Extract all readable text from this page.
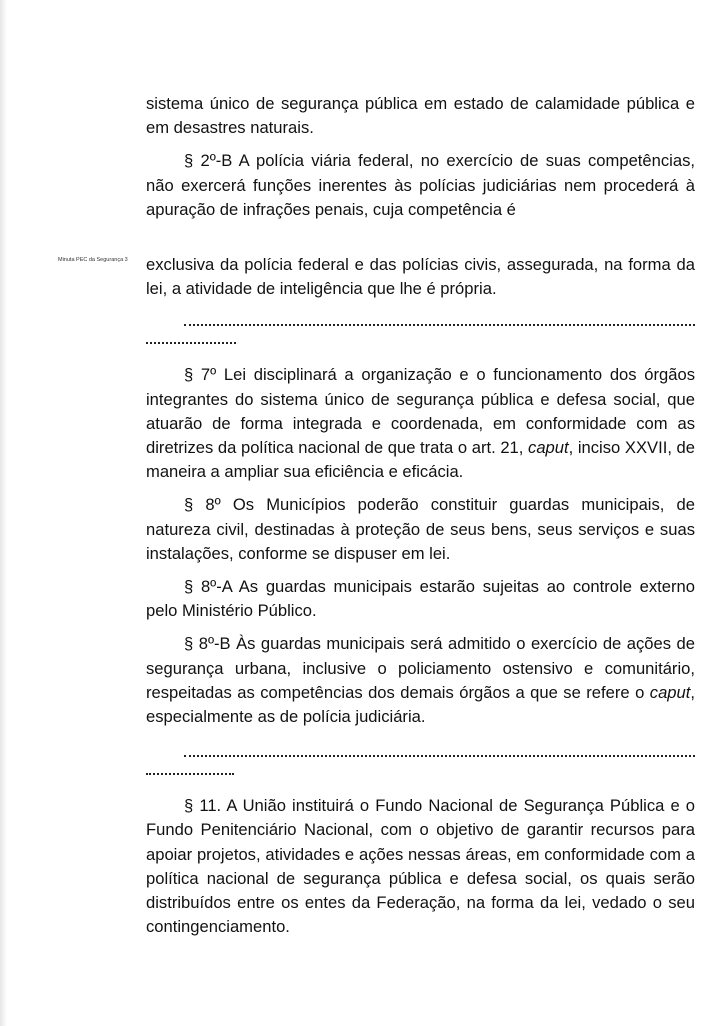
Minuta PEC da Segurança 3

sistema único de segurança pública em estado de calamidade pública e em desastres naturais.

§ 2º-B A polícia viária federal, no exercício de suas competências, não exercerá funções inerentes às polícias judiciárias nem procederá à apuração de infrações penais, cuja competência é

exclusiva da polícia federal e das polícias civis, assegurada, na forma da lei, a atividade de inteligência que lhe é própria.

§ 7º Lei disciplinará a organização e o funcionamento dos órgãos integrantes do sistema único de segurança pública e defesa social, que atuarão de forma integrada e coordenada, em conformidade com as diretrizes da política nacional de que trata o art. 21, caput, inciso XXVII, de maneira a ampliar sua eficiência e eficácia.

§ 8º Os Municípios poderão constituir guardas municipais, de natureza civil, destinadas à proteção de seus bens, seus serviços e suas instalações, conforme se dispuser em lei.

§ 8º-A As guardas municipais estarão sujeitas ao controle externo pelo Ministério Público.

§ 8º-B Às guardas municipais será admitido o exercício de ações de segurança urbana, inclusive o policiamento ostensivo e comunitário, respeitadas as competências dos demais órgãos a que se refere o caput, especialmente as de polícia judiciária.

§ 11. A União instituirá o Fundo Nacional de Segurança Pública e o Fundo Penitenciário Nacional, com o objetivo de garantir recursos para apoiar projetos, atividades e ações nessas áreas, em conformidade com a política nacional de segurança pública e defesa social, os quais serão distribuídos entre os entes da Federação, na forma da lei, vedado o seu contingenciamento.
